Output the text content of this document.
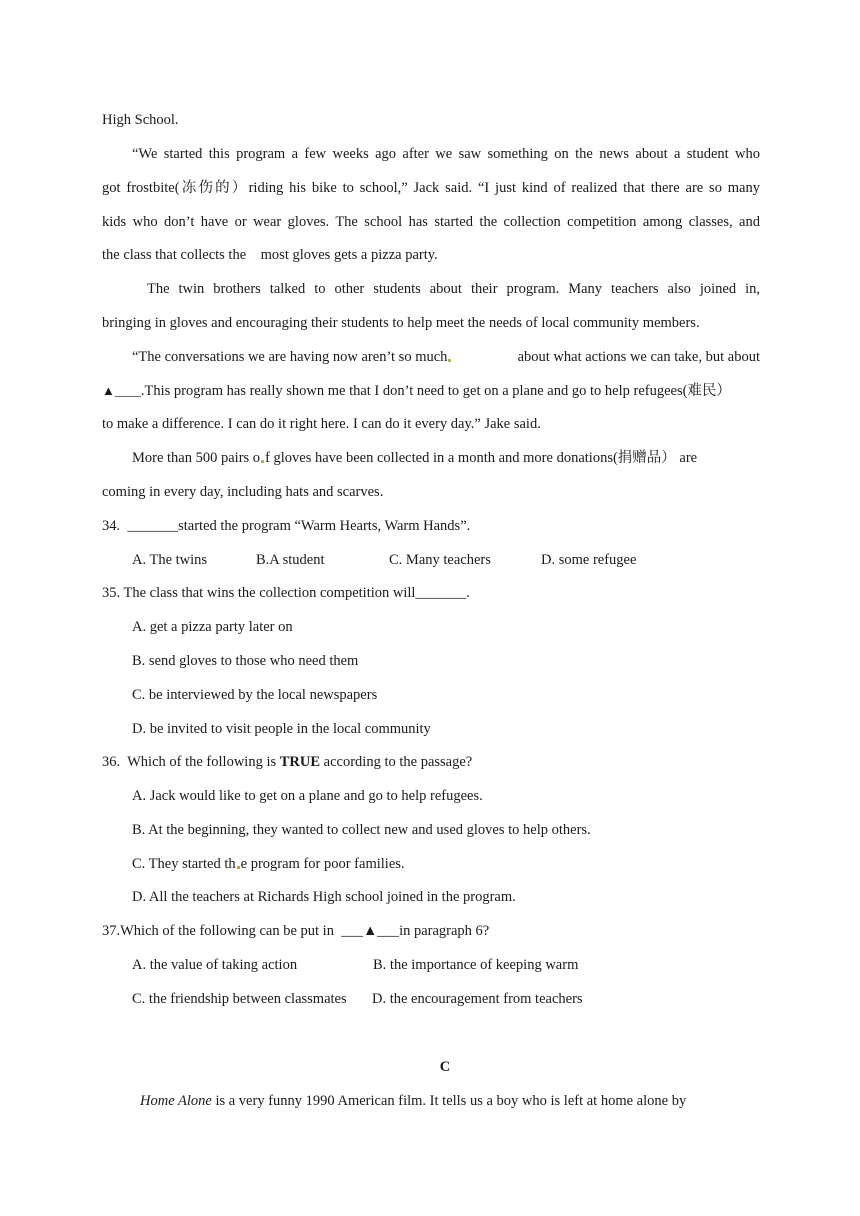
High School.
“We started this program a few weeks ago after we saw something on the news about a student who
got frostbite(冻伤的）riding his bike to school,” Jack said. “I just kind of realized that there are so many
kids who don’t have or wear gloves. The school has started the collection competition among classes, and
the class that collects the    most gloves gets a pizza party.
The twin brothers talked to other students about their program. Many teachers also joined in,
bringing in gloves and encouraging their students to help meet the needs of local community members.
“The conversations we are having now aren’t so much	about what actions we can take, but about
▲____.This program has really shown me that I don’t need to get on a plane and go to help refugees(难民）
to make a difference. I can do it right here. I can do it every day.” Jake said.
More than 500 pairs o f gloves have been collected in a month and more donations(捐赠品） are
coming in every day, including hats and scarves.
34.  _______started the program “Warm Hearts, Warm Hands”.
A. The twins	B.A student	C. Many teachers	D. some refugee
35. The class that wins the collection competition will_______.
A. get a pizza party later on
B. send gloves to those who need them
C. be interviewed by the local newspapers
D. be invited to visit people in the local community
36.  Which of the following is TRUE according to the passage?
A. Jack would like to get on a plane and go to help refugees.
B. At the beginning, they wanted to collect new and used gloves to help others.
C. They started th e program for poor families.
D. All the teachers at Richards High school joined in the program.
37.Which of the following can be put in  ___▲___in paragraph 6?
A. the value of taking action	B. the importance of keeping warm
C. the friendship between classmates D. the encouragement from teachers
C
Home Alone is a very funny 1990 American film. It tells us a boy who is left at home alone by
